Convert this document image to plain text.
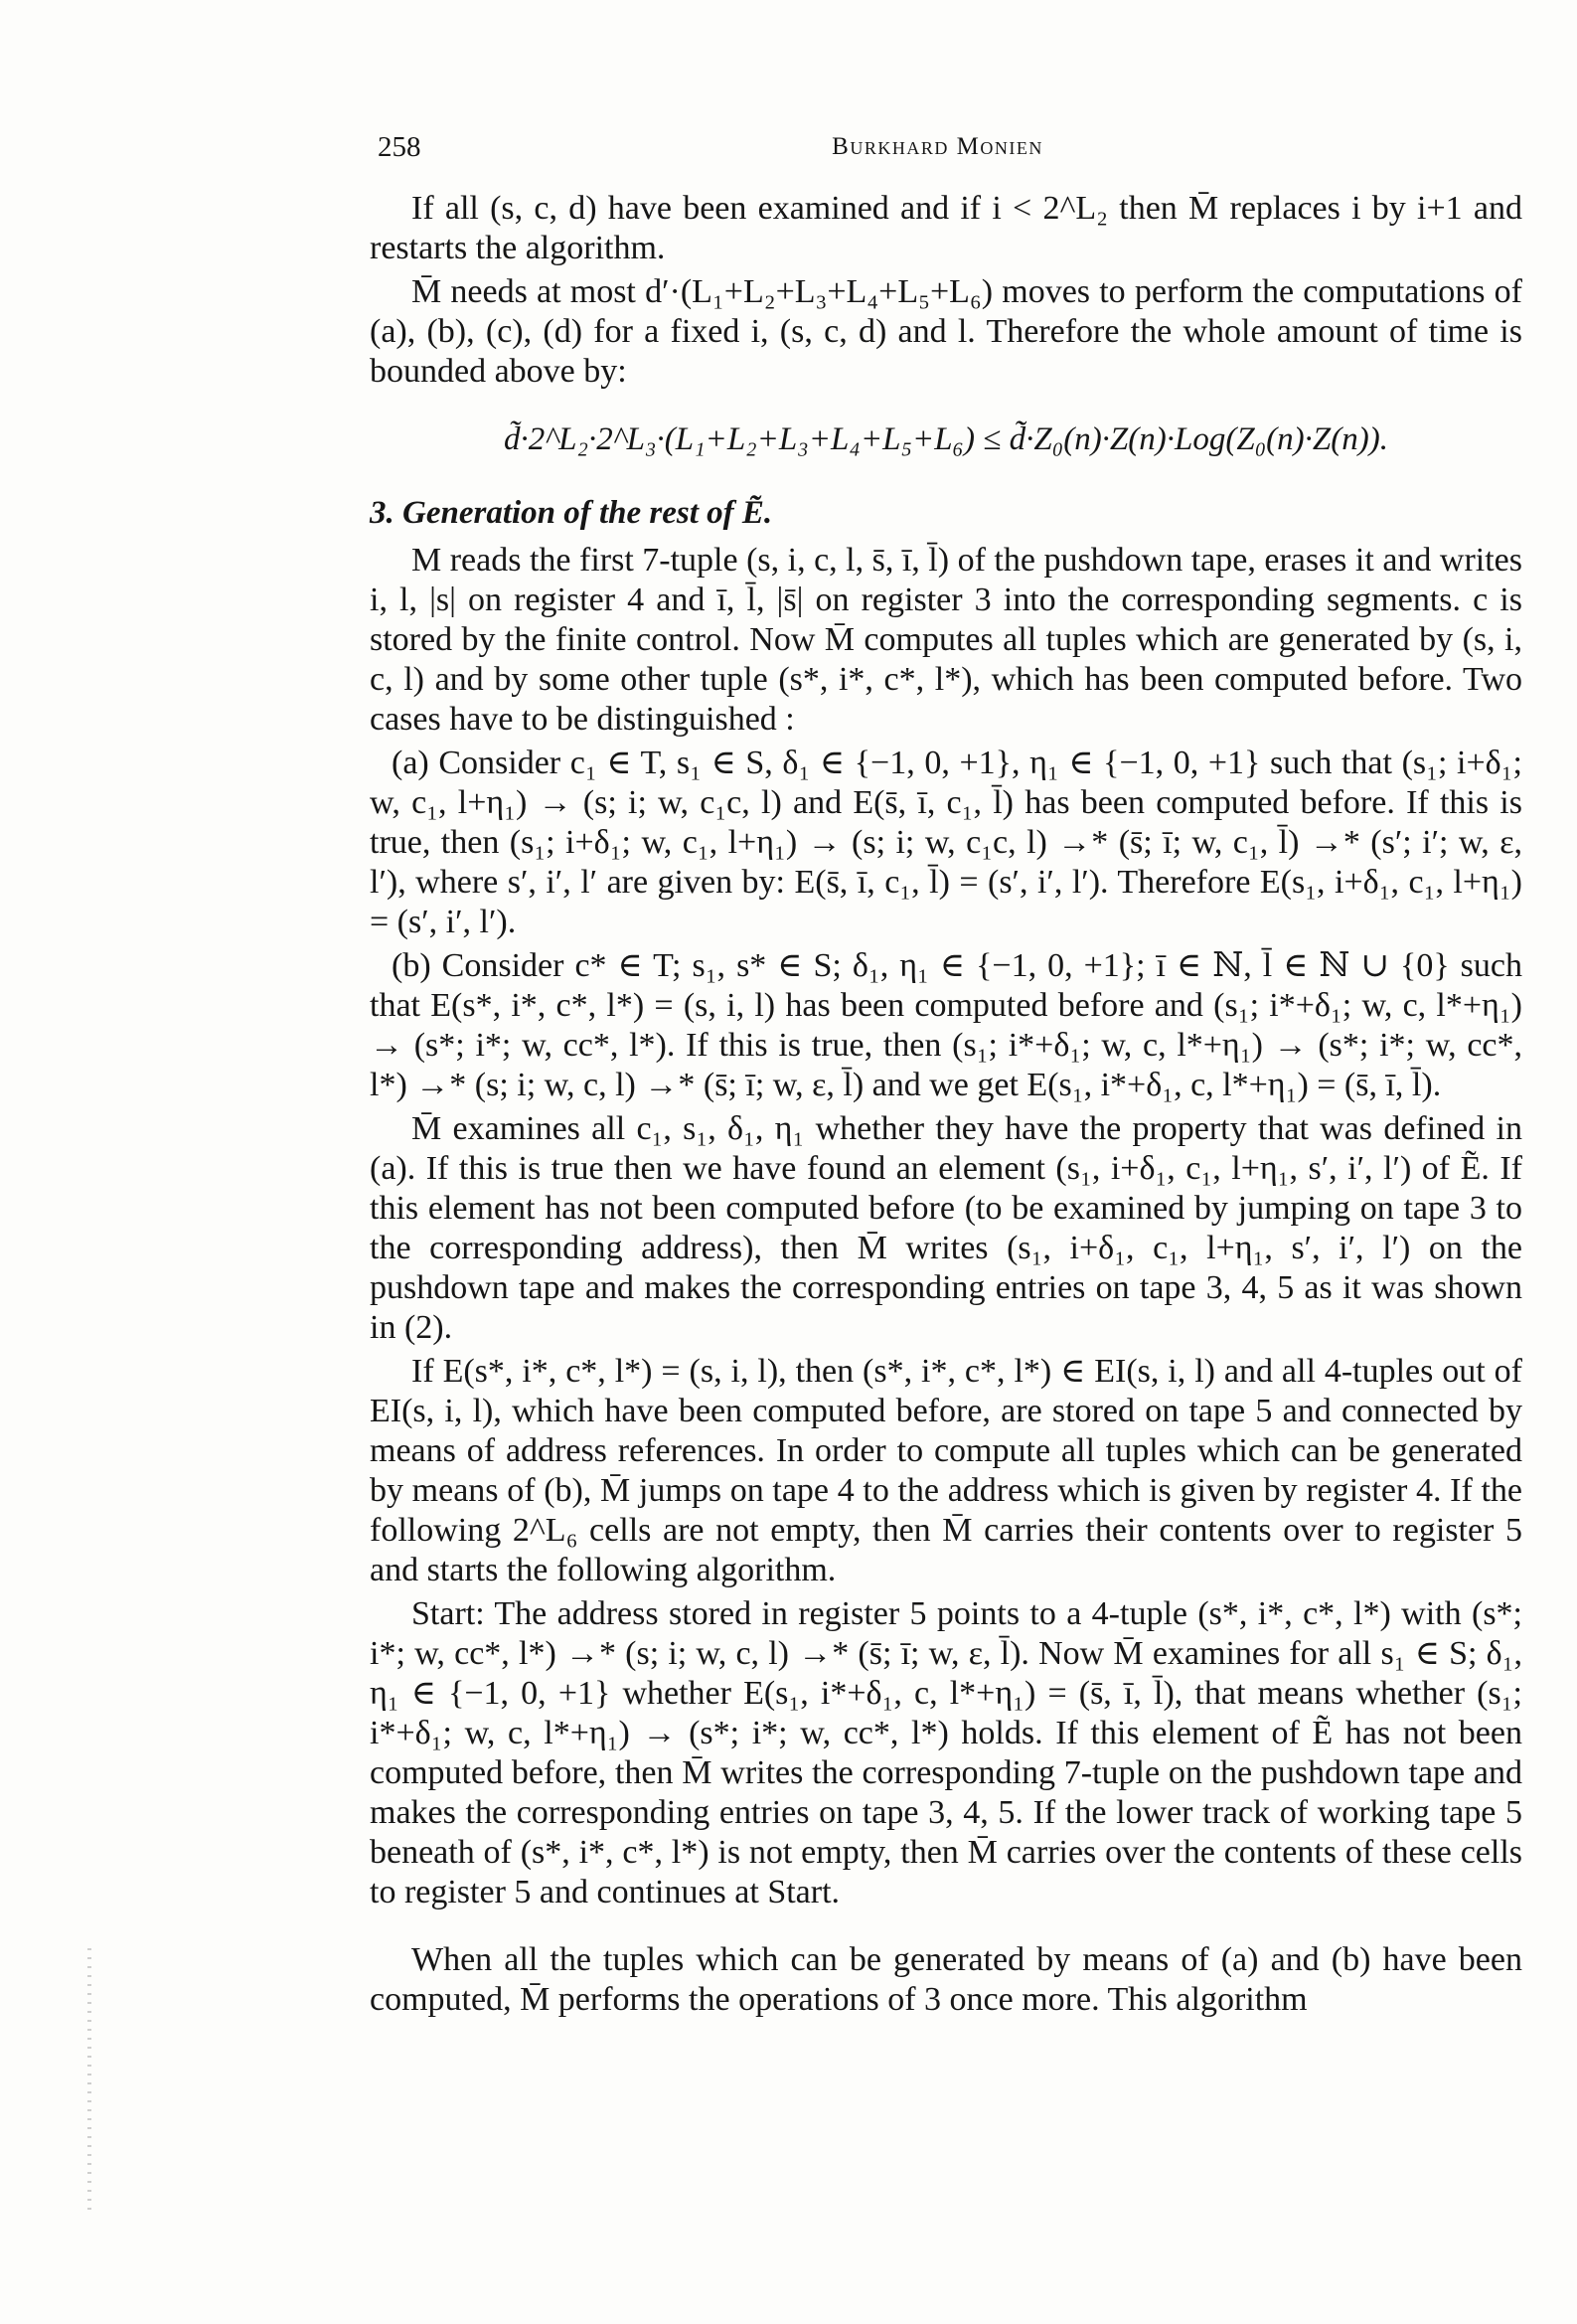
258	Burkhard Monien

If all (s, c, d) have been examined and if i < 2^L₂ then M̄ replaces i by i+1 and restarts the algorithm.

M̄ needs at most d′·(L₁+L₂+L₃+L₄+L₅+L₆) moves to perform the computations of (a), (b), (c), (d) for a fixed i, (s, c, d) and l. Therefore the whole amount of time is bounded above by:

d̃·2^L₂·2^L₃·(L₁+L₂+L₃+L₄+L₅+L₆) ≤ d̃̃·Z₀(n)·Z(n)·Log(Z₀(n)·Z(n)).

3. Generation of the rest of Ẽ.

M reads the first 7-tuple (s, i, c, l, s̄, ī, l̄) of the pushdown tape, erases it and writes i, l, |s| on register 4 and ī, l̄, |s̄| on register 3 into the corresponding segments. c is stored by the finite control. Now M̄ computes all tuples which are generated by (s, i, c, l) and by some other tuple (s*, i*, c*, l*), which has been computed before. Two cases have to be distinguished :

(a) Consider c₁ ∈ T, s₁ ∈ S, δ₁ ∈ {−1, 0, +1}, η₁ ∈ {−1, 0, +1} such that (s₁; i+δ₁; w, c₁, l+η₁) → (s; i; w, c₁c, l) and E(s̄, ī, c₁, l̄) has been computed before. If this is true, then (s₁; i+δ₁; w, c₁, l+η₁) → (s; i; w, c₁c, l) →* (s̄; ī; w, c₁, l̄) →* (s′; i′; w, ε, l′), where s′, i′, l′ are given by: E(s̄, ī, c₁, l̄) = (s′, i′, l′). Therefore E(s₁, i+δ₁, c₁, l+η₁) = (s′, i′, l′).

(b) Consider c* ∈ T; s₁, s* ∈ S; δ₁, η₁ ∈ {−1, 0, +1}; ī ∈ ℕ, l̄ ∈ ℕ ∪ {0} such that E(s*, i*, c*, l*) = (s, i, l) has been computed before and (s₁; i*+δ₁; w, c, l*+η₁) → (s*; i*; w, cc*, l*). If this is true, then (s₁; i*+δ₁; w, c, l*+η₁) → (s*; i*; w, cc*, l*) →* (s; i; w, c, l) →* (s̄; ī; w, ε, l̄) and we get E(s₁, i*+δ₁, c, l*+η₁) = (s̄, ī, l̄).

M̄ examines all c₁, s₁, δ₁, η₁ whether they have the property that was defined in (a). If this is true then we have found an element (s₁, i+δ₁, c₁, l+η₁, s′, i′, l′) of Ẽ. If this element has not been computed before (to be examined by jumping on tape 3 to the corresponding address), then M̄ writes (s₁, i+δ₁, c₁, l+η₁, s′, i′, l′) on the pushdown tape and makes the corresponding entries on tape 3, 4, 5 as it was shown in (2).

If E(s*, i*, c*, l*) = (s, i, l), then (s*, i*, c*, l*) ∈ EI(s, i, l) and all 4-tuples out of EI(s, i, l), which have been computed before, are stored on tape 5 and connected by means of address references. In order to compute all tuples which can be generated by means of (b), M̄ jumps on tape 4 to the address which is given by register 4. If the following 2^L₆ cells are not empty, then M̄ carries their contents over to register 5 and starts the following algorithm.

Start: The address stored in register 5 points to a 4-tuple (s*, i*, c*, l*) with (s*; i*; w, cc*, l*) →* (s; i; w, c, l) →* (s̄; ī; w, ε, l̄). Now M̄ examines for all s₁ ∈ S; δ₁, η₁ ∈ {−1, 0, +1} whether E(s₁, i*+δ₁, c, l*+η₁) = (s̄, ī, l̄), that means whether (s₁; i*+δ₁; w, c, l*+η₁) → (s*; i*; w, cc*, l*) holds. If this element of Ẽ has not been computed before, then M̄ writes the corresponding 7-tuple on the pushdown tape and makes the corresponding entries on tape 3, 4, 5. If the lower track of working tape 5 beneath of (s*, i*, c*, l*) is not empty, then M̄ carries over the contents of these cells to register 5 and continues at Start.

When all the tuples which can be generated by means of (a) and (b) have been computed, M̄ performs the operations of 3 once more. This algorithm
